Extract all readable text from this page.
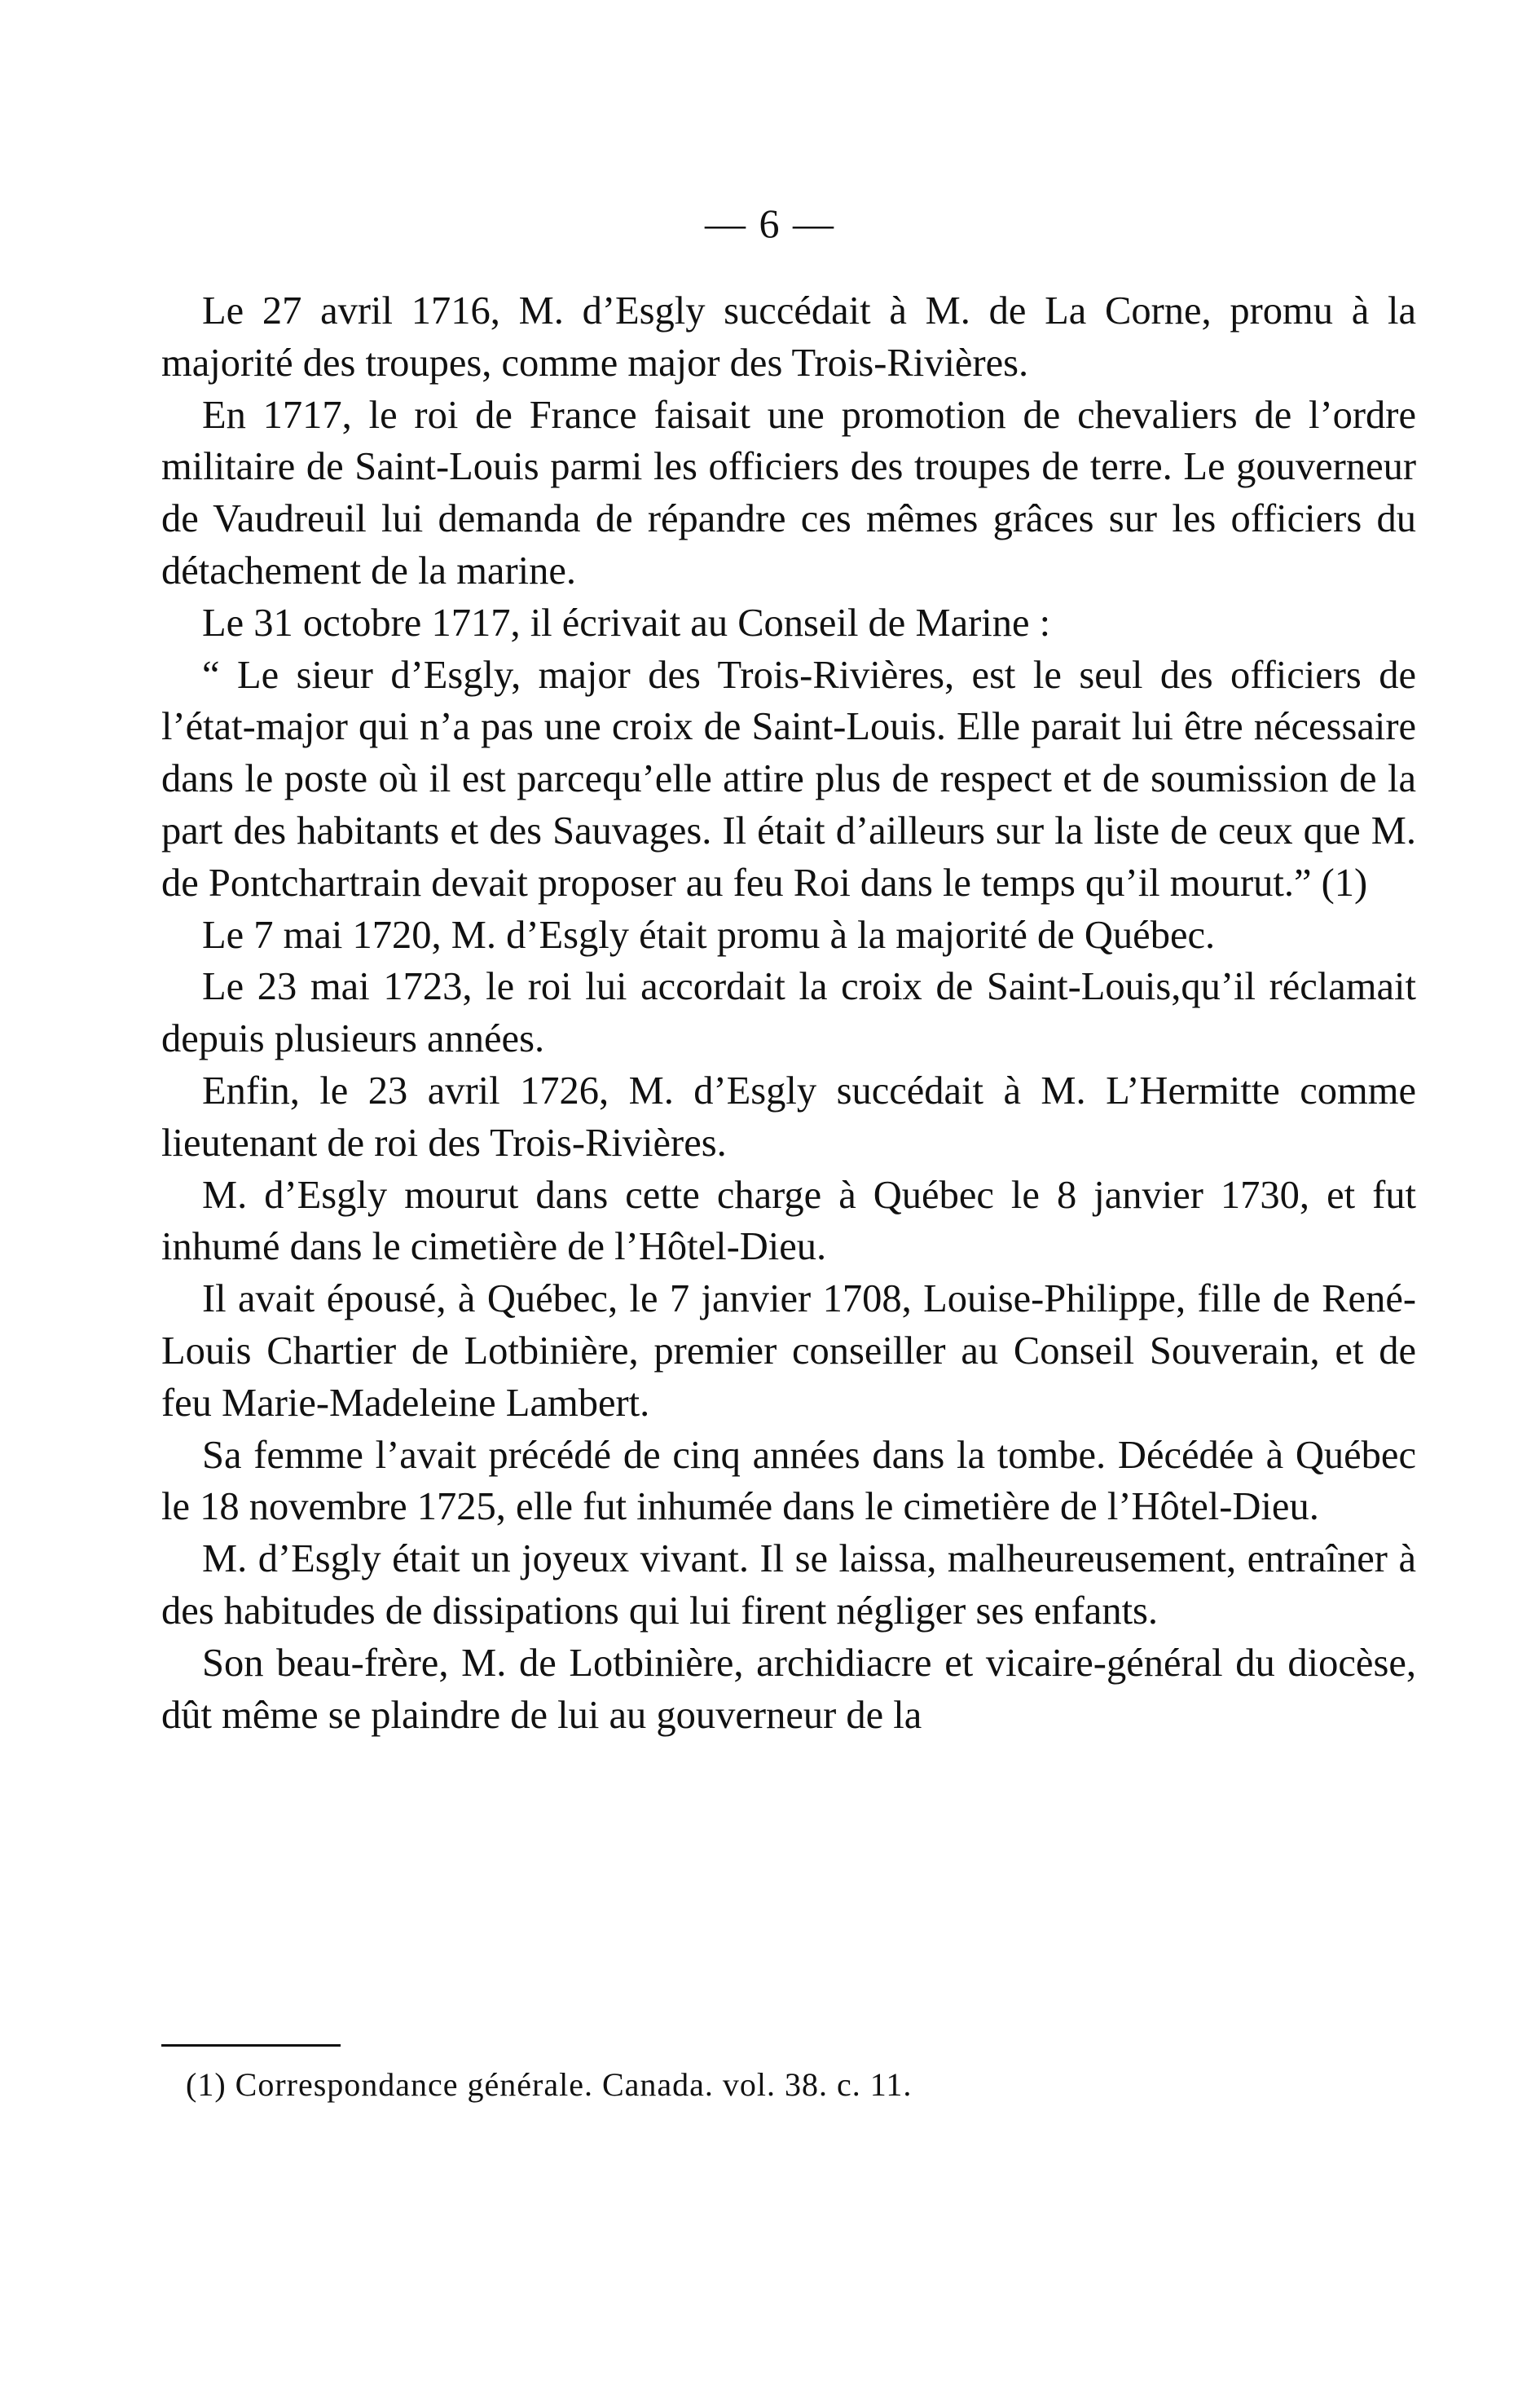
— 6 —

Le 27 avril 1716, M. d’Esgly succédait à M. de La Corne, promu à la majorité des troupes, comme major des Trois-Rivières.

En 1717, le roi de France faisait une promotion de chevaliers de l’ordre militaire de Saint-Louis parmi les officiers des troupes de terre. Le gouverneur de Vaudreuil lui demanda de répandre ces mêmes grâces sur les officiers du détachement de la marine.

Le 31 octobre 1717, il écrivait au Conseil de Marine :

“ Le sieur d’Esgly, major des Trois-Rivières, est le seul des officiers de l’état-major qui n’a pas une croix de Saint-Louis. Elle parait lui être nécessaire dans le poste où il est parcequ’elle attire plus de respect et de soumission de la part des habitants et des Sauvages. Il était d’ailleurs sur la liste de ceux que M. de Pontchartrain devait proposer au feu Roi dans le temps qu’il mourut.” (1)

Le 7 mai 1720, M. d’Esgly était promu à la majorité de Québec.

Le 23 mai 1723, le roi lui accordait la croix de Saint-Louis,qu’il réclamait depuis plusieurs années.

Enfin, le 23 avril 1726, M. d’Esgly succédait à M. L’Hermitte comme lieutenant de roi des Trois-Rivières.

M. d’Esgly mourut dans cette charge à Québec le 8 janvier 1730, et fut inhumé dans le cimetière de l’Hôtel-Dieu.

Il avait épousé, à Québec, le 7 janvier 1708, Louise-Philippe, fille de René-Louis Chartier de Lotbinière, premier conseiller au Conseil Souverain, et de feu Marie-Madeleine Lambert.

Sa femme l’avait précédé de cinq années dans la tombe. Décédée à Québec le 18 novembre 1725, elle fut inhumée dans le cimetière de l’Hôtel-Dieu.

M. d’Esgly était un joyeux vivant. Il se laissa, malheureusement, entraîner à des habitudes de dissipations qui lui firent négliger ses enfants.

Son beau-frère, M. de Lotbinière, archidiacre et vicaire-général du diocèse, dût même se plaindre de lui au gouverneur de la

(1) Correspondance générale. Canada. vol. 38. c. 11.
